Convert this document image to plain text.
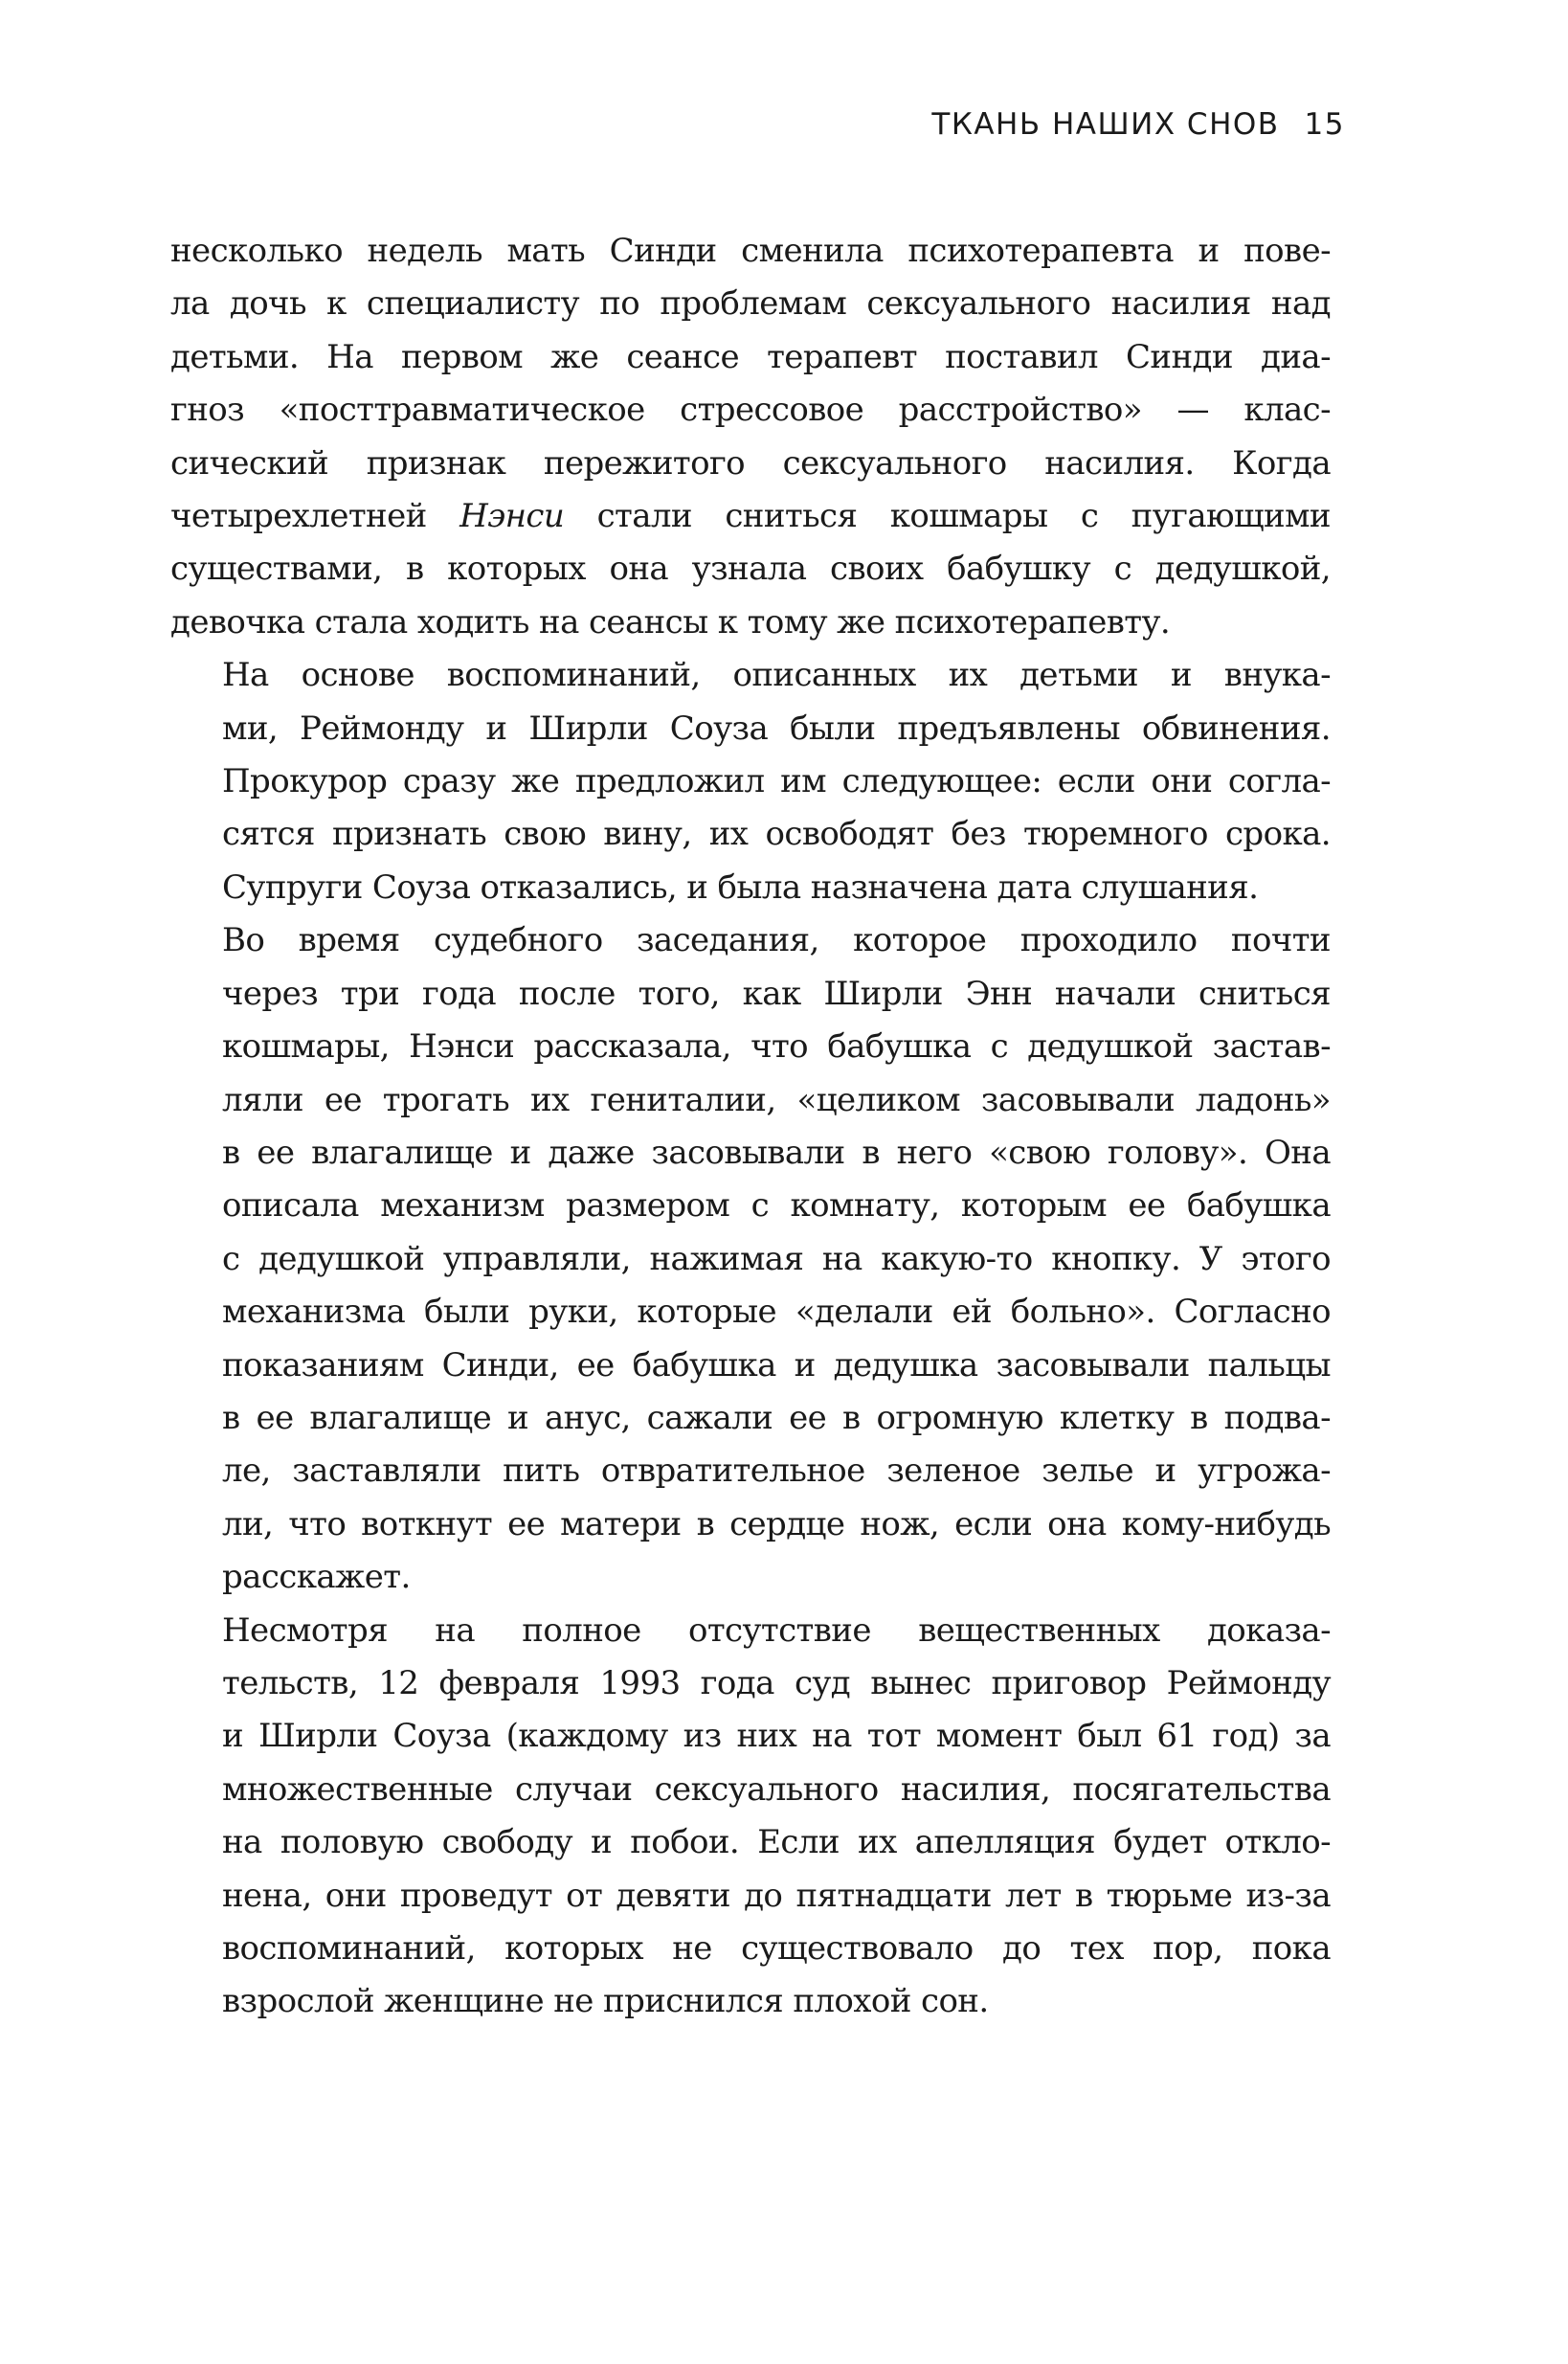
ТКАНЬ НАШИХ СНОВ 15

несколько недель мать Синди сменила психотерапевта и пове-
ла дочь к специалисту по проблемам сексуального насилия над
детьми. На первом же сеансе терапевт поставил Синди диа-
гноз «посттравматическое стрессовое расстройство» — клас-
сический признак пережитого сексуального насилия. Когда
четырехлетней Нэнси стали сниться кошмары с пугающими
существами, в которых она узнала своих бабушку с дедушкой,
девочка стала ходить на сеансы к тому же психотерапевту.

На основе воспоминаний, описанных их детьми и внука-
ми, Реймонду и Ширли Соуза были предъявлены обвинения.
Прокурор сразу же предложил им следующее: если они согла-
сятся признать свою вину, их освободят без тюремного срока.
Супруги Соуза отказались, и была назначена дата слушания.

Во время судебного заседания, которое проходило почти
через три года после того, как Ширли Энн начали сниться
кошмары, Нэнси рассказала, что бабушка с дедушкой застав-
ляли ее трогать их гениталии, «целиком засовывали ладонь»
в ее влагалище и даже засовывали в него «свою голову». Она
описала механизм размером с комнату, которым ее бабушка
с дедушкой управляли, нажимая на какую-то кнопку. У этого
механизма были руки, которые «делали ей больно». Согласно
показаниям Синди, ее бабушка и дедушка засовывали пальцы
в ее влагалище и анус, сажали ее в огромную клетку в подва-
ле, заставляли пить отвратительное зеленое зелье и угрожа-
ли, что воткнут ее матери в сердце нож, если она кому-нибудь
расскажет.

Несмотря на полное отсутствие вещественных доказа-
тельств, 12 февраля 1993 года суд вынес приговор Реймонду
и Ширли Соуза (каждому из них на тот момент был 61 год) за
множественные случаи сексуального насилия, посягательства
на половую свободу и побои. Если их апелляция будет откло-
нена, они проведут от девяти до пятнадцати лет в тюрьме из-за
воспоминаний, которых не существовало до тех пор, пока
взрослой женщине не приснился плохой сон.
